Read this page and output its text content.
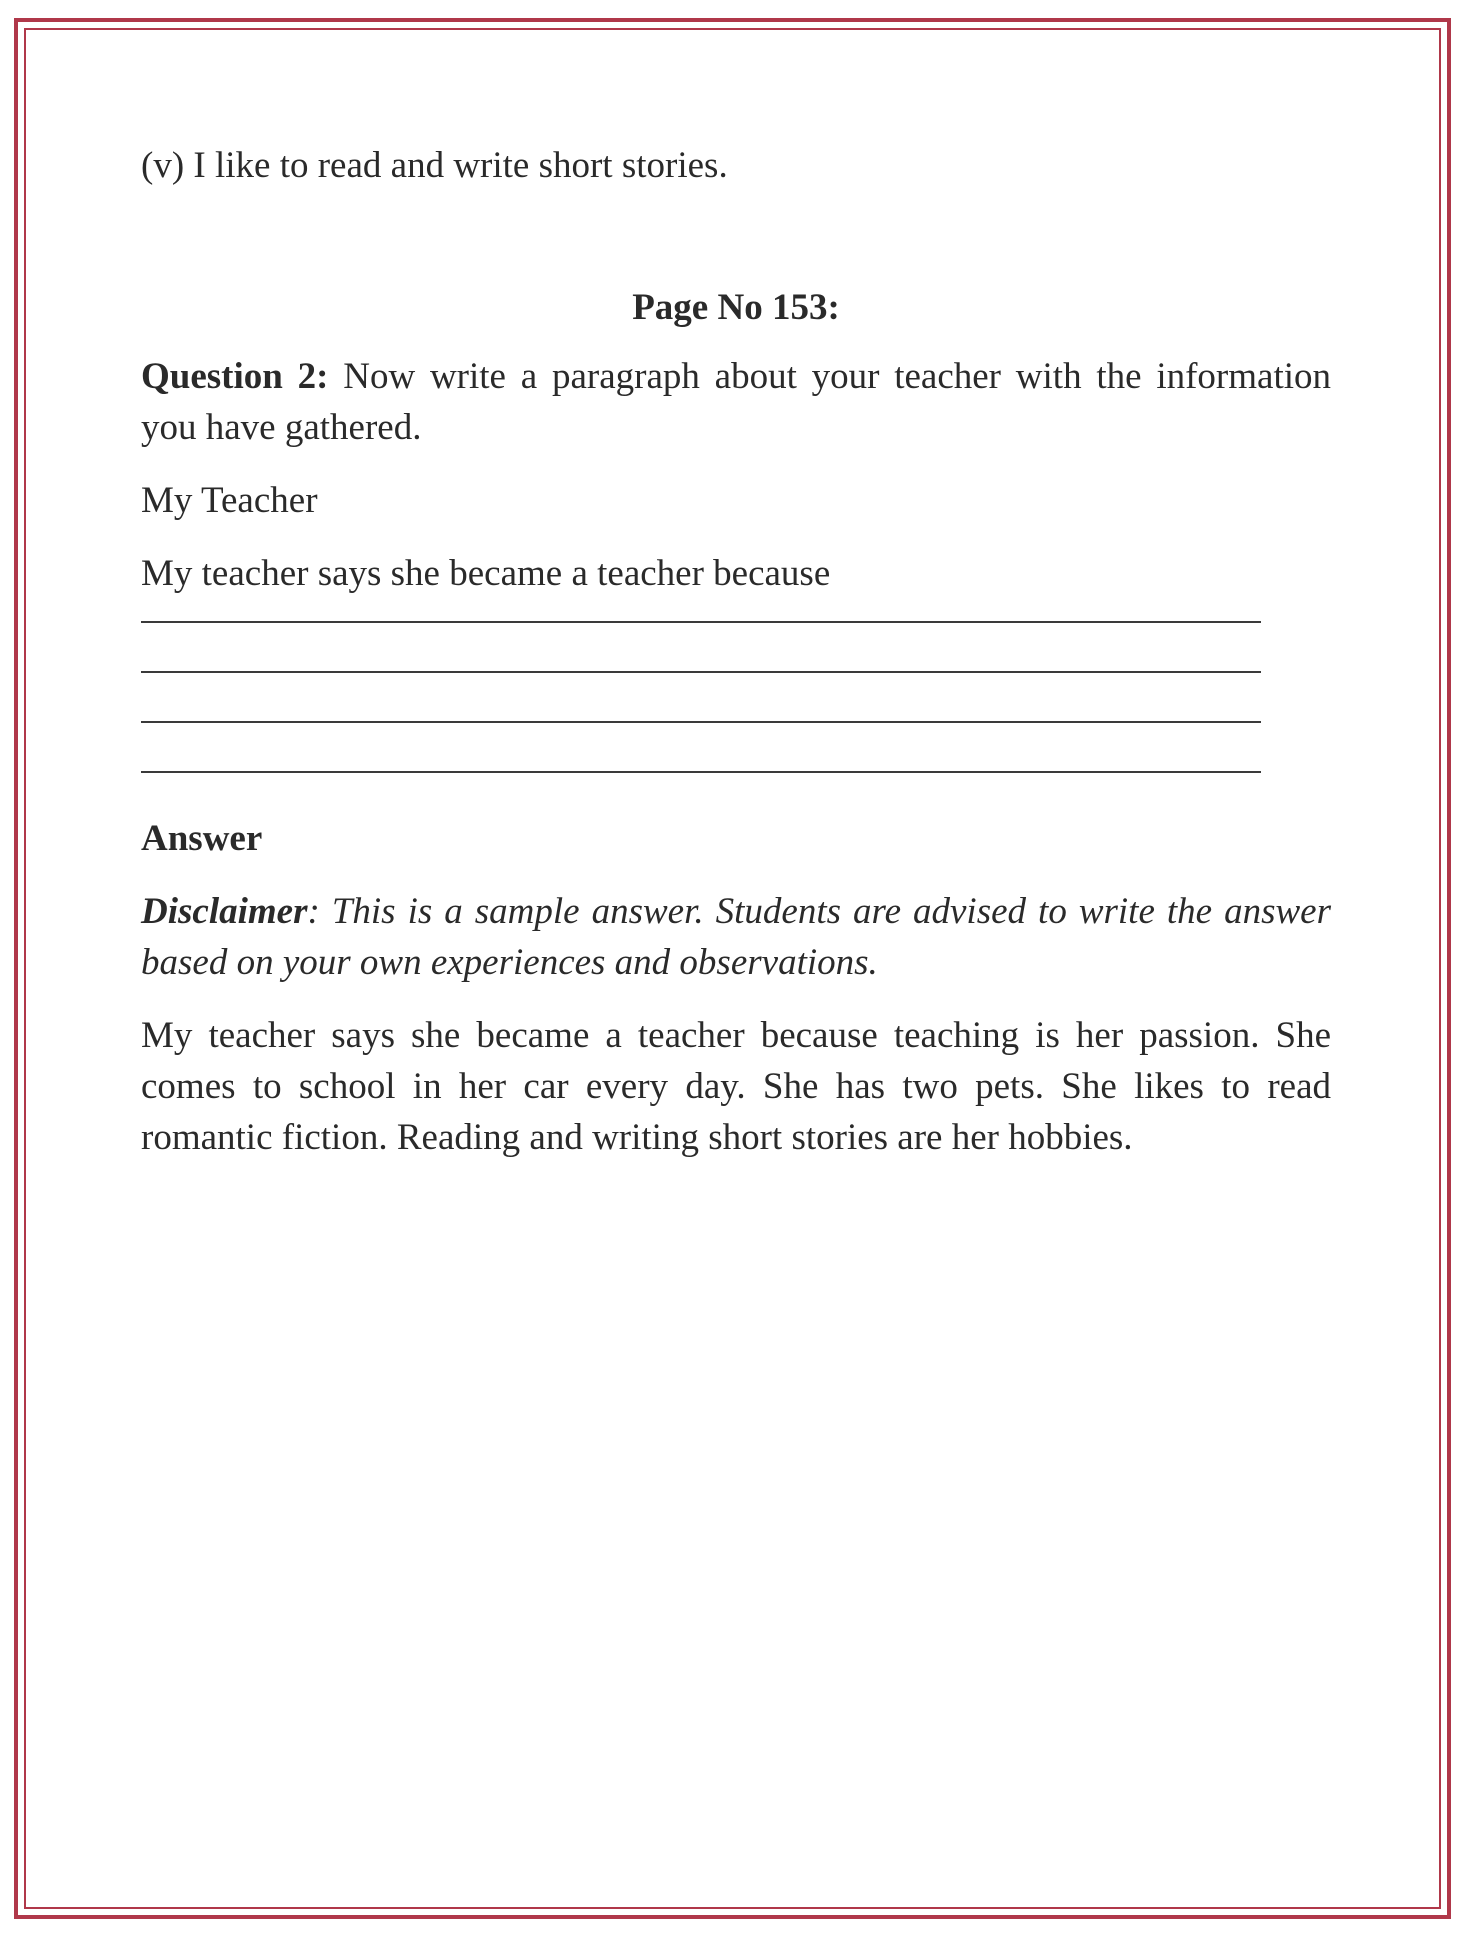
(v) I like to read and write short stories.

Page No 153:

Question 2: Now write a paragraph about your teacher with the information you have gathered.

My Teacher

My teacher says she became a teacher because

Answer

Disclaimer: This is a sample answer. Students are advised to write the answer based on your own experiences and observations.

My teacher says she became a teacher because teaching is her passion. She comes to school in her car every day. She has two pets. She likes to read romantic fiction. Reading and writing short stories are her hobbies.
